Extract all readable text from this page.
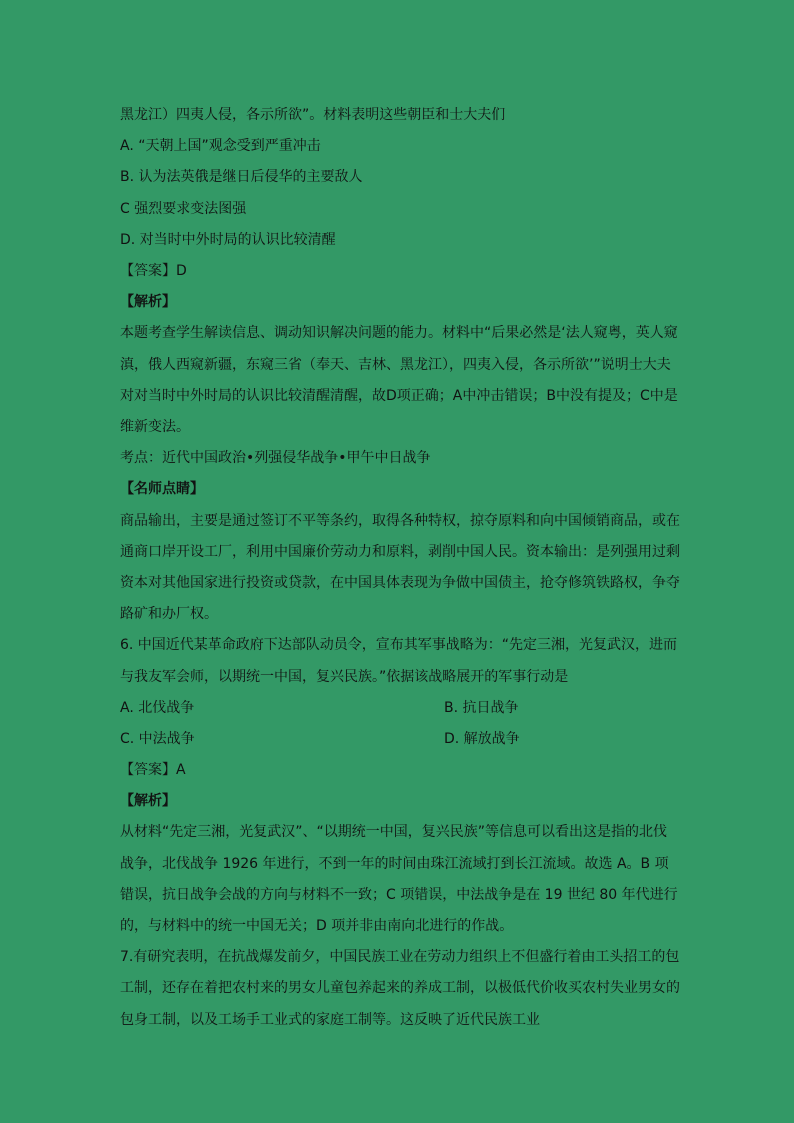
黑龙江）四夷人侵，各示所欲”。材料表明这些朝臣和士大夫们
A. “天朝上国”观念受到严重冲击
B. 认为法英俄是继日后侵华的主要敌人
C 强烈要求变法图强
D. 对当时中外时局的认识比较清醒
【答案】D
【解析】
本题考查学生解读信息、调动知识解决问题的能力。材料中“后果必然是‘法人窥粤，英人窥滇，俄人西窥新疆，东窥三省（奉天、吉林、黑龙江），四夷入侵，各示所欲’”说明士大夫对对当时中外时局的认识比较清醒清醒，故D项正确；A中冲击错误；B中没有提及；C中是维新变法。
考点：近代中国政治•列强侵华战争•甲午中日战争
【名师点睛】
商品输出，主要是通过签订不平等条约，取得各种特权，掠夺原料和向中国倾销商品，或在通商口岸开设工厂，利用中国廉价劳动力和原料，剥削中国人民。资本输出：是列强用过剩资本对其他国家进行投资或贷款，在中国具体表现为争做中国债主，抢夺修筑铁路权，争夺路矿和办厂权。
6. 中国近代某革命政府下达部队动员令，宣布其军事战略为：“先定三湘，光复武汉，进而与我友军会师，以期统一中国，复兴民族。”依据该战略展开的军事行动是
A. 北伐战争	B. 抗日战争
C. 中法战争	D. 解放战争
【答案】A
【解析】
从材料“先定三湘，光复武汉”、“以期统一中国，复兴民族”等信息可以看出这是指的北伐战争，北伐战争 1926 年进行，不到一年的时间由珠江流域打到长江流域。故选 A。B 项错误，抗日战争会战的方向与材料不一致；C 项错误，中法战争是在 19 世纪 80 年代进行的，与材料中的统一中国无关；D 项并非由南向北进行的作战。
7.有研究表明，在抗战爆发前夕，中国民族工业在劳动力组织上不但盛行着由工头招工的包工制，还存在着把农村来的男女儿童包养起来的养成工制，以极低代价收买农村失业男女的包身工制，以及工场手工业式的家庭工制等。这反映了近代民族工业
